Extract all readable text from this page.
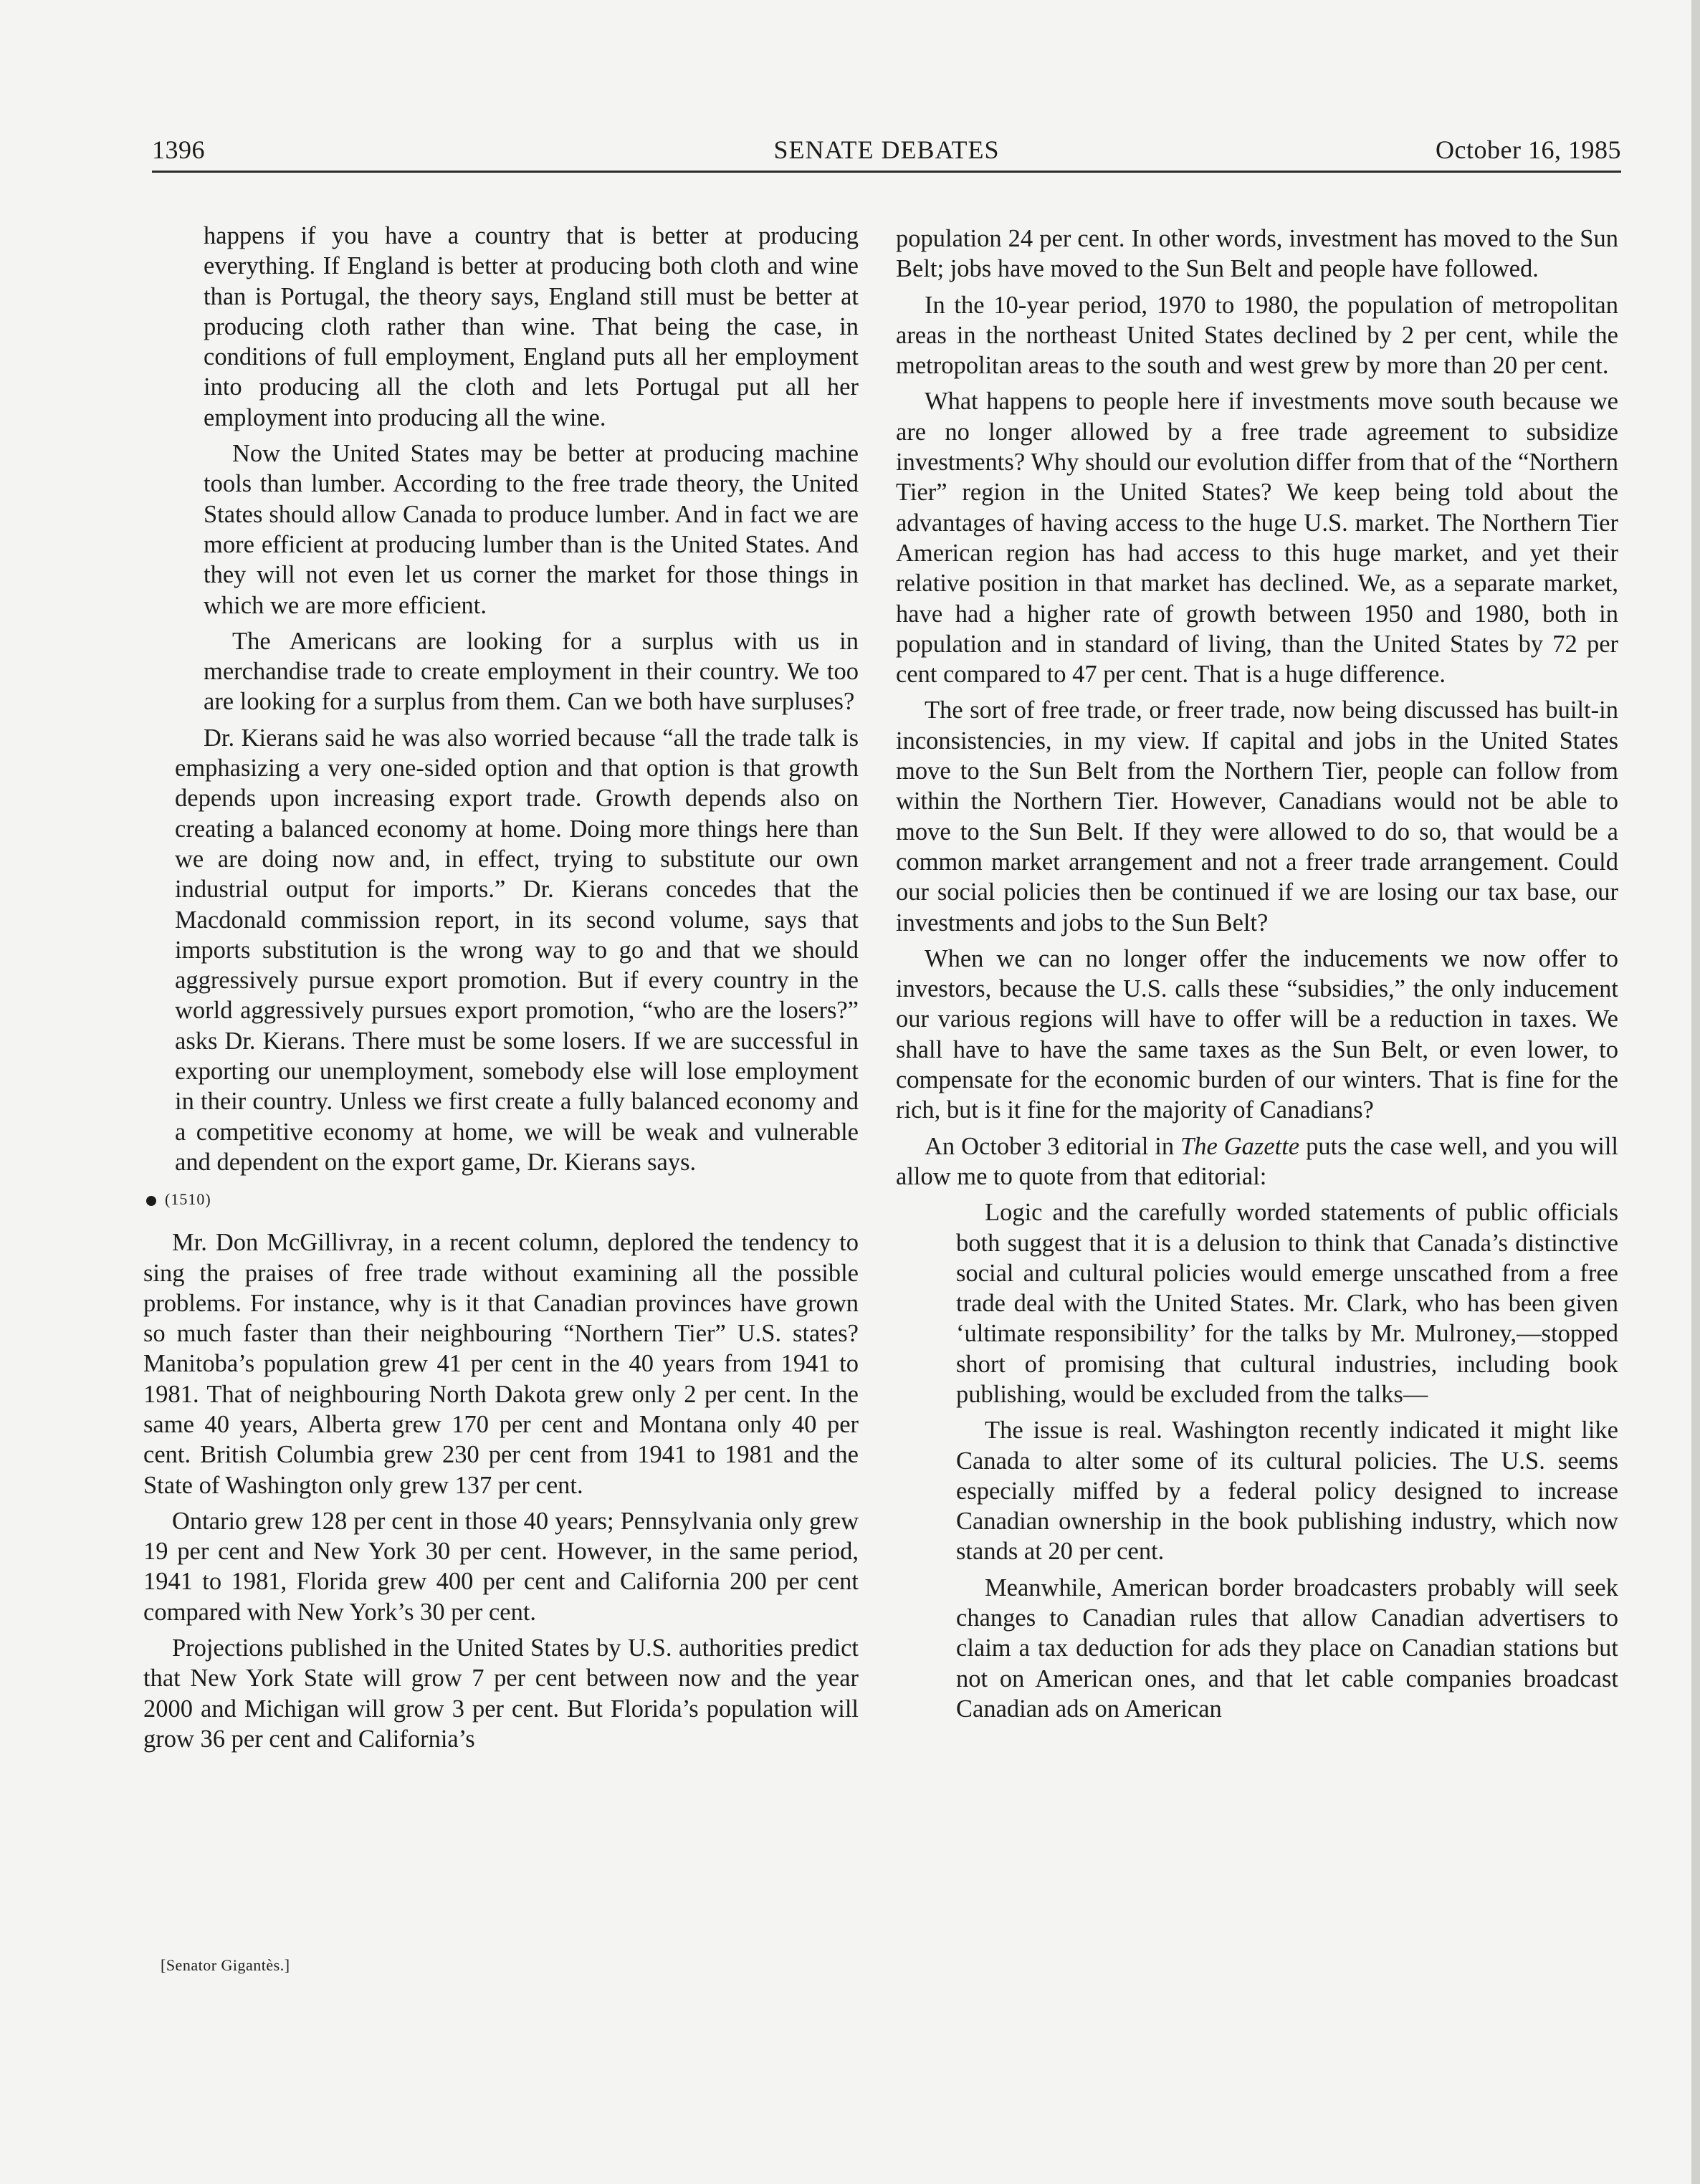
SENATE DEBATES
1396	October 16, 1985

happens if you have a country that is better at producing everything. If England is better at producing both cloth and wine than is Portugal, the theory says, England still must be better at producing cloth rather than wine. That being the case, in conditions of full employment, England puts all her employment into producing all the cloth and lets Portugal put all her employment into producing all the wine.

Now the United States may be better at producing machine tools than lumber. According to the free trade theory, the United States should allow Canada to produce lumber. And in fact we are more efficient at producing lumber than is the United States. And they will not even let us corner the market for those things in which we are more efficient.

The Americans are looking for a surplus with us in merchandise trade to create employment in their country. We too are looking for a surplus from them. Can we both have surpluses?

Dr. Kierans said he was also worried because “all the trade talk is emphasizing a very one-sided option and that option is that growth depends upon increasing export trade. Growth depends also on creating a balanced economy at home. Doing more things here than we are doing now and, in effect, trying to substitute our own industrial output for imports.” Dr. Kierans concedes that the Macdonald commission report, in its second volume, says that imports substitution is the wrong way to go and that we should aggressively pursue export promotion. But if every country in the world aggressively pursues export promotion, “who are the losers?” asks Dr. Kierans. There must be some losers. If we are successful in exporting our unemployment, somebody else will lose employment in their country. Unless we first create a fully balanced economy and a competitive economy at home, we will be weak and vulnerable and dependent on the export game, Dr. Kierans says.

(1510)

Mr. Don McGillivray, in a recent column, deplored the tendency to sing the praises of free trade without examining all the possible problems. For instance, why is it that Canadian provinces have grown so much faster than their neighbouring “Northern Tier” U.S. states? Manitoba’s population grew 41 per cent in the 40 years from 1941 to 1981. That of neighbouring North Dakota grew only 2 per cent. In the same 40 years, Alberta grew 170 per cent and Montana only 40 per cent. British Columbia grew 230 per cent from 1941 to 1981 and the State of Washington only grew 137 per cent.

Ontario grew 128 per cent in those 40 years; Pennsylvania only grew 19 per cent and New York 30 per cent. However, in the same period, 1941 to 1981, Florida grew 400 per cent and California 200 per cent compared with New York’s 30 per cent.

Projections published in the United States by U.S. authorities predict that New York State will grow 7 per cent between now and the year 2000 and Michigan will grow 3 per cent. But Florida’s population will grow 36 per cent and California’s

[Senator Gigantès.]

population 24 per cent. In other words, investment has moved to the Sun Belt; jobs have moved to the Sun Belt and people have followed.

In the 10-year period, 1970 to 1980, the population of metropolitan areas in the northeast United States declined by 2 per cent, while the metropolitan areas to the south and west grew by more than 20 per cent.

What happens to people here if investments move south because we are no longer allowed by a free trade agreement to subsidize investments? Why should our evolution differ from that of the “Northern Tier” region in the United States? We keep being told about the advantages of having access to the huge U.S. market. The Northern Tier American region has had access to this huge market, and yet their relative position in that market has declined. We, as a separate market, have had a higher rate of growth between 1950 and 1980, both in population and in standard of living, than the United States by 72 per cent compared to 47 per cent. That is a huge difference.

The sort of free trade, or freer trade, now being discussed has built-in inconsistencies, in my view. If capital and jobs in the United States move to the Sun Belt from the Northern Tier, people can follow from within the Northern Tier. However, Canadians would not be able to move to the Sun Belt. If they were allowed to do so, that would be a common market arrangement and not a freer trade arrangement. Could our social policies then be continued if we are losing our tax base, our investments and jobs to the Sun Belt?

When we can no longer offer the inducements we now offer to investors, because the U.S. calls these “subsidies,” the only inducement our various regions will have to offer will be a reduction in taxes. We shall have to have the same taxes as the Sun Belt, or even lower, to compensate for the economic burden of our winters. That is fine for the rich, but is it fine for the majority of Canadians?

An October 3 editorial in The Gazette puts the case well, and you will allow me to quote from that editorial:

Logic and the carefully worded statements of public officials both suggest that it is a delusion to think that Canada’s distinctive social and cultural policies would emerge unscathed from a free trade deal with the United States. Mr. Clark, who has been given ‘ultimate responsibility’ for the talks by Mr. Mulroney,—stopped short of promising that cultural industries, including book publishing, would be excluded from the talks—

The issue is real. Washington recently indicated it might like Canada to alter some of its cultural policies. The U.S. seems especially miffed by a federal policy designed to increase Canadian ownership in the book publishing industry, which now stands at 20 per cent.

Meanwhile, American border broadcasters probably will seek changes to Canadian rules that allow Canadian advertisers to claim a tax deduction for ads they place on Canadian stations but not on American ones, and that let cable companies broadcast Canadian ads on American
